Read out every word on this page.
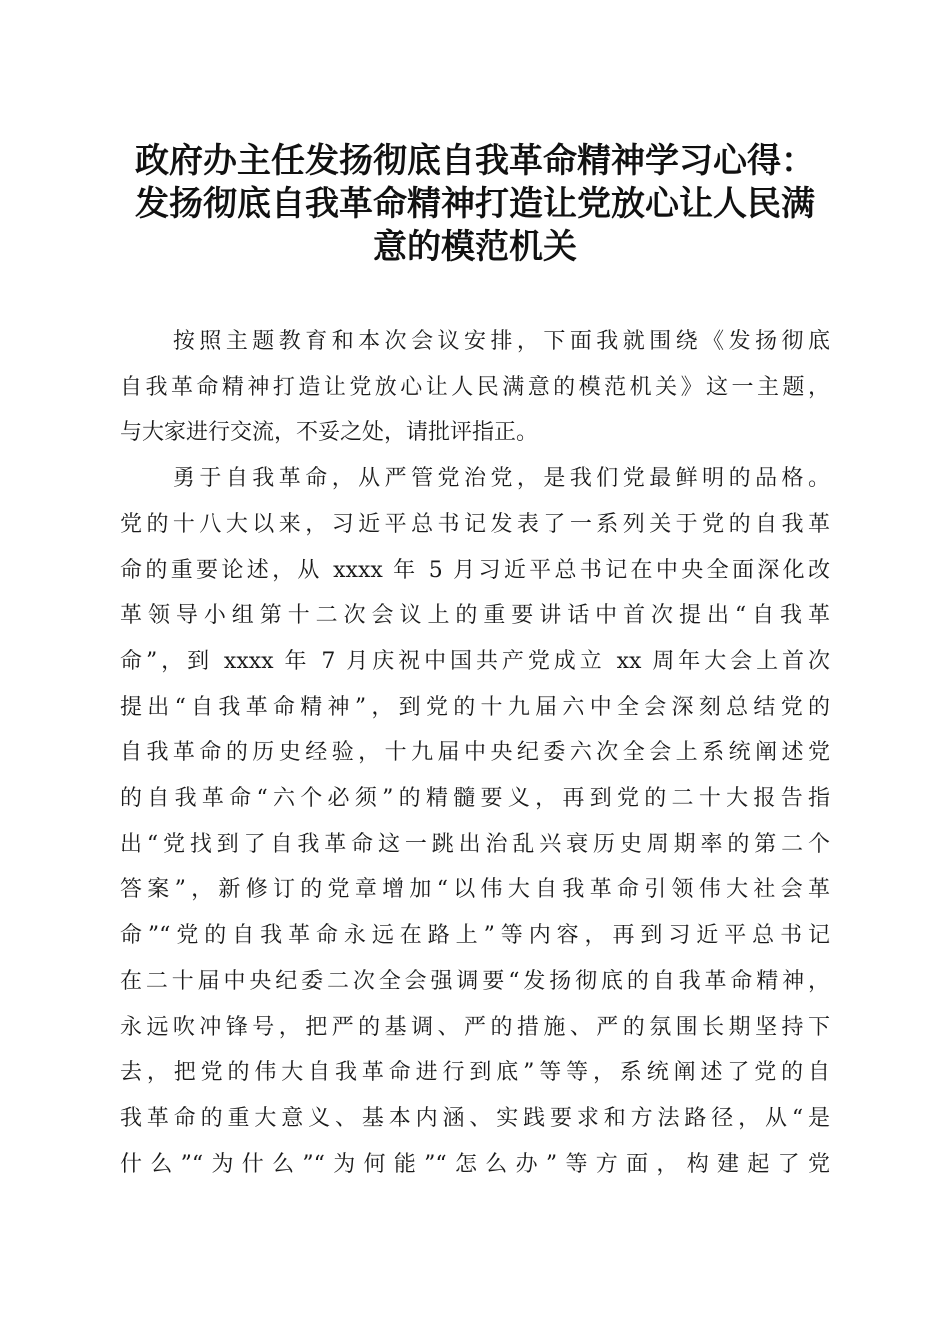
政府办主任发扬彻底自我革命精神学习心得：
发扬彻底自我革命精神打造让党放心让人民满
意的模范机关

　　按照主题教育和本次会议安排，下面我就围绕《发扬彻底
自我革命精神打造让党放心让人民满意的模范机关》这一主题，
与大家进行交流，不妥之处，请批评指正。

　　勇于自我革命，从严管党治党，是我们党最鲜明的品格。
党的十八大以来，习近平总书记发表了一系列关于党的自我革
命的重要论述，从 xxxx 年 5 月习近平总书记在中央全面深化改
革领导小组第十二次会议上的重要讲话中首次提出“自我革
命”，到 xxxx 年 7 月庆祝中国共产党成立 xx 周年大会上首次
提出“自我革命精神”，到党的十九届六中全会深刻总结党的
自我革命的历史经验，十九届中央纪委六次全会上系统阐述党
的自我革命“六个必须”的精髓要义，再到党的二十大报告指
出“党找到了自我革命这一跳出治乱兴衰历史周期率的第二个
答案”，新修订的党章增加“以伟大自我革命引领伟大社会革
命”“党的自我革命永远在路上”等内容，再到习近平总书记
在二十届中央纪委二次全会强调要“发扬彻底的自我革命精神，
永远吹冲锋号，把严的基调、严的措施、严的氛围长期坚持下
去，把党的伟大自我革命进行到底”等等，系统阐述了党的自
我革命的重大意义、基本内涵、实践要求和方法路径，从“是
什么”“为什么”“为何能”“怎么办”等方面，构建起了党
